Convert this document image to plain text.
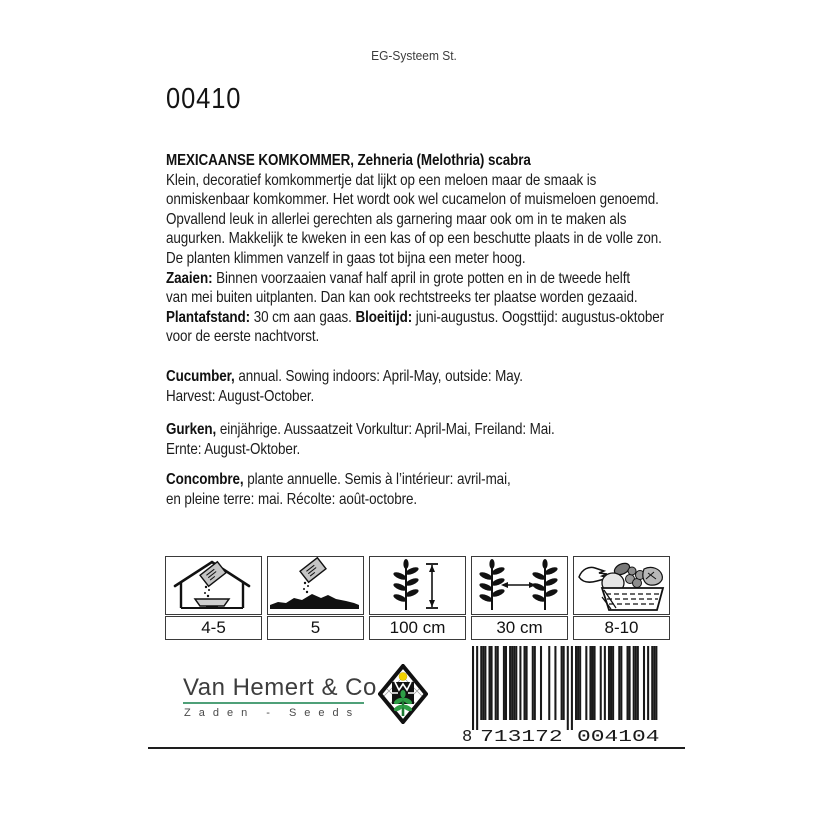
EG-Systeem St.
00410
MEXICAANSE KOMKOMMER, Zehneria (Melothria) scabra
Klein, decoratief komkommertje dat lijkt op een meloen maar de smaak is
onmiskenbaar komkommer. Het wordt ook wel cucamelon of muismeloen genoemd.
Opvallend leuk in allerlei gerechten als garnering maar ook om in te maken als
augurken. Makkelijk te kweken in een kas of op een beschutte plaats in de volle zon.
De planten klimmen vanzelf in gaas tot bijna een meter hoog.
Zaaien: Binnen voorzaaien vanaf half april in grote potten en in de tweede helft
van mei buiten uitplanten. Dan kan ook rechtstreeks ter plaatse worden gezaaid.
Plantafstand: 30 cm aan gaas. Bloeitijd: juni-augustus. Oogsttijd: augustus-oktober
voor de eerste nachtvorst.
Cucumber, annual. Sowing indoors: April-May, outside: May.
Harvest: August-October.
Gurken, einjährige. Aussaatzeit Vorkultur: April-Mai, Freiland: Mai.
Ernte: August-Oktober.
Concombre, plante annuelle. Semis à l’intérieur: avril-mai,
en pleine terre: mai. Récolte: août-octobre.
4-5	5	100 cm	30 cm	8-10
Van Hemert & Co
Zaden - Seeds
8 713172 004104
